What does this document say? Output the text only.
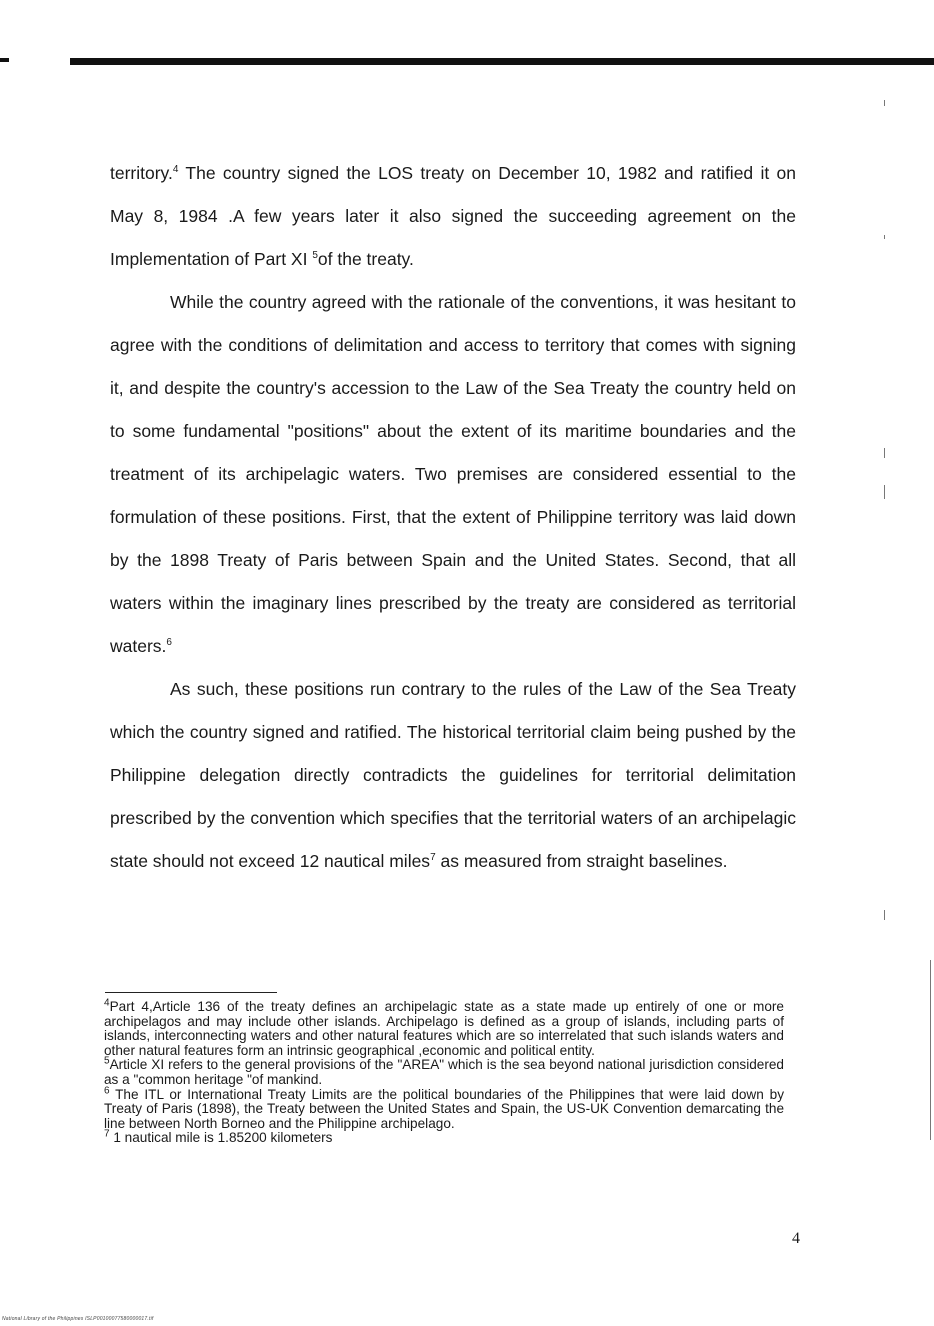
territory.$^4$ The country signed the LOS treaty on December 10, 1982 and ratified it on May 8, 1984 .A few years later it also signed the succeeding agreement on the Implementation of Part XI $^5$of the treaty.

While the country agreed with the rationale of the conventions, it was hesitant to agree with the conditions of delimitation and access to territory that comes with signing it, and despite the country's accession to the Law of the Sea Treaty the country held on to some fundamental "positions" about the extent of its maritime boundaries and the treatment of its archipelagic waters. Two premises are considered essential to the formulation of these positions. First, that the extent of Philippine territory was laid down by the 1898 Treaty of Paris between Spain and the United States. Second, that all waters within the imaginary lines prescribed by the treaty are considered as territorial waters.$^6$

As such, these positions run contrary to the rules of the Law of the Sea Treaty which the country signed and ratified. The historical territorial claim being pushed by the Philippine delegation directly contradicts the guidelines for territorial delimitation prescribed by the convention which specifies that the territorial waters of an archipelagic state should not exceed 12 nautical miles$^7$ as measured from straight baselines.

$^4$Part 4,Article 136 of the treaty defines an archipelagic state as a state made up entirely of one or more archipelagos and may include other islands. Archipelago is defined as a group of islands, including parts of islands, interconnecting waters and other natural features which are so interrelated that such islands waters and other natural features form an intrinsic geographical ,economic and political entity.

$^5$Article XI refers to the general provisions of the "AREA" which is the sea beyond national jurisdiction considered as a "common heritage "of mankind.

$^6$ The ITL or International Treaty Limits are the political boundaries of the Philippines that were laid down by Treaty of Paris (1898), the Treaty between the United States and Spain, the US-UK Convention demarcating the line between North Borneo and the Philippine archipelago.

$^7$ 1 nautical mile is 1.85200 kilometers

4
National Library of the Philippines ISLP00100077580000017.tif
